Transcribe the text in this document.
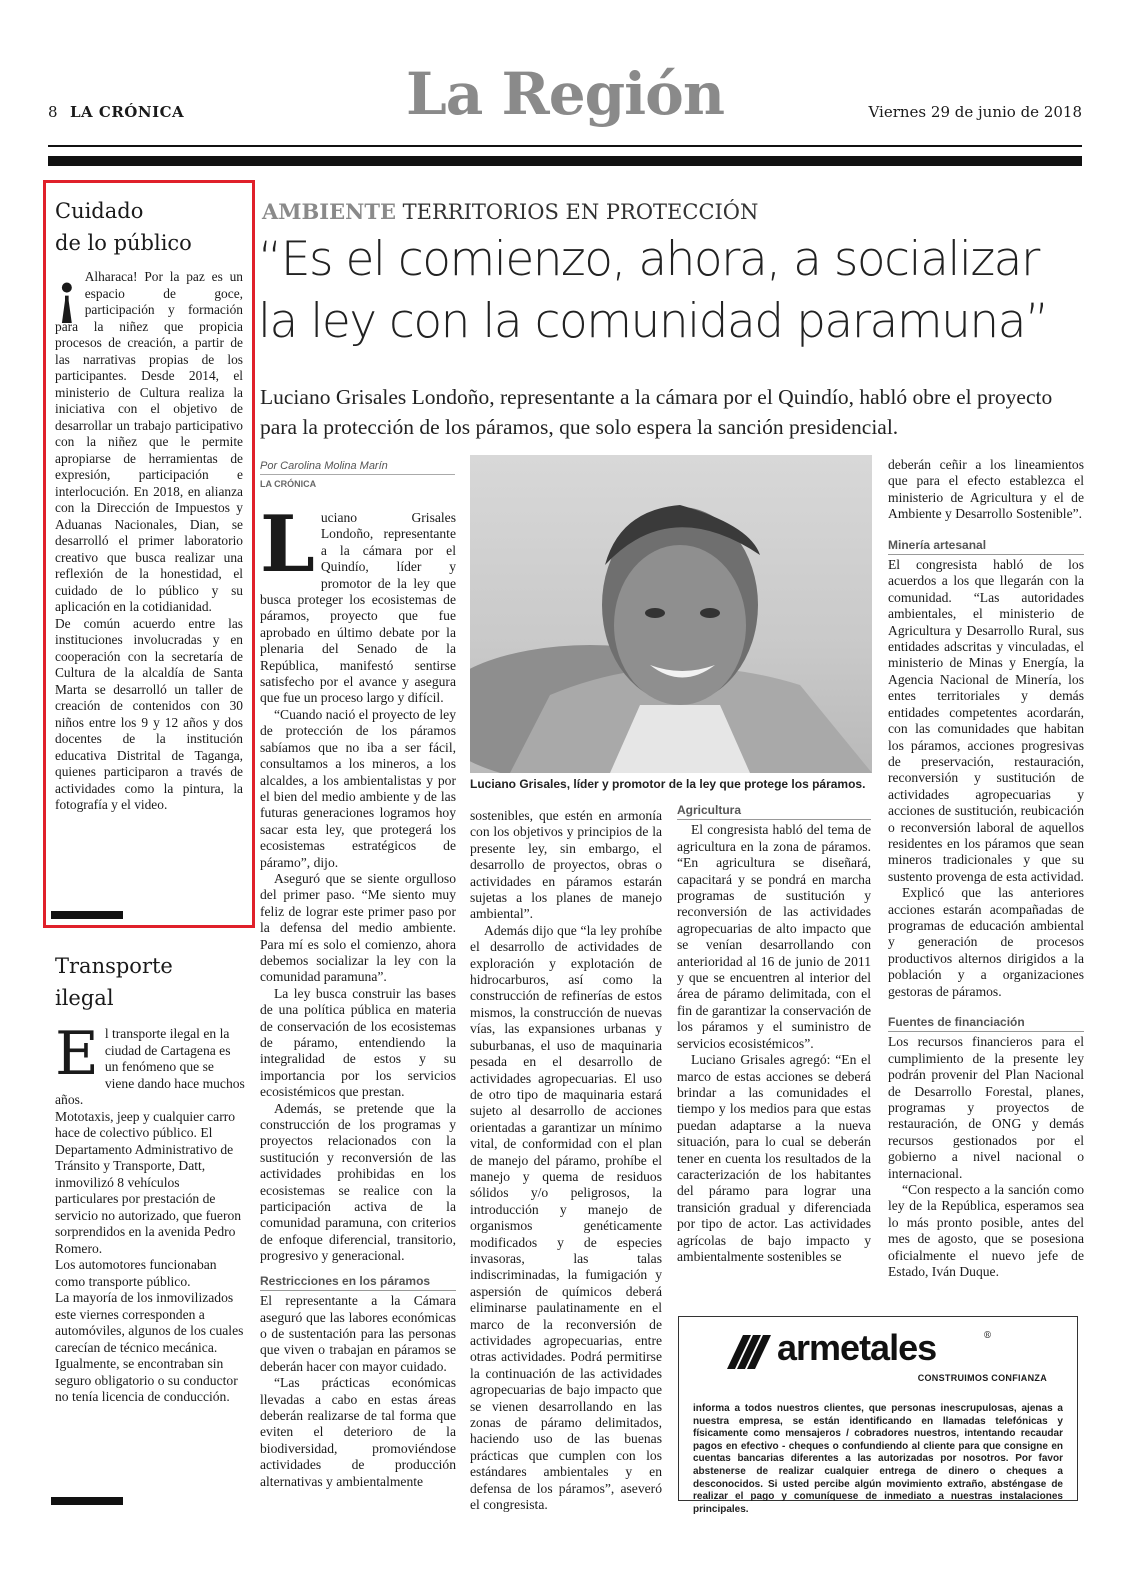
8 LA CRÓNICA	La Región	Viernes 29 de junio de 2018
Cuidado
de lo público
¡ Alharaca! Por la paz es un espacio de goce, participación y formación para la niñez que propicia procesos de creación, a partir de las narrativas propias de los participantes. Desde 2014, el ministerio de Cultura realiza la iniciativa con el objetivo de desarrollar un trabajo participativo con la niñez que le permite apropiarse de herramientas de expresión, participación e interlocución. En 2018, en alianza con la Dirección de Impuestos y Aduanas Nacionales, Dian, se desarrolló el primer laboratorio creativo que busca realizar una reflexión de la honestidad, el cuidado de lo público y su aplicación en la cotidianidad.

De común acuerdo entre las instituciones involucradas y en cooperación con la secretaría de Cultura de la alcaldía de Santa Marta se desarrolló un taller de creación de contenidos con 30 niños entre los 9 y 12 años y dos docentes de la institución educativa Distrital de Taganga, quienes participaron a través de actividades como la pintura, la fotografía y el video.

Transporte
ilegal
E l transporte ilegal en la ciudad de Cartagena es un fenómeno que se viene dando hace muchos años.

Mototaxis, jeep y cualquier carro hace de colectivo público. El Departamento Administrativo de Tránsito y Transporte, Datt, inmovilizó 8 vehículos particulares por prestación de servicio no autorizado, que fueron sorprendidos en la avenida Pedro Romero.

Los automotores funcionaban como transporte público.

La mayoría de los inmovilizados este viernes corresponden a automóviles, algunos de los cuales carecían de técnico mecánica. Igualmente, se encontraban sin seguro obligatorio o su conductor no tenía licencia de conducción.

AMBIENTE TERRITORIOS EN PROTECCIÓN
“Es el comienzo, ahora, a socializar
la ley con la comunidad paramuna”
Luciano Grisales Londoño, representante a la cámara por el Quindío, habló obre el proyecto para la protección de los páramos, que solo espera la sanción presidencial.
Por Carolina Molina Marín
LA CRÓNICA
Luciano Grisales, líder y promotor de la ley que protege los páramos.
L uciano Grisales Londoño, representante a la cámara por el Quindío, líder y promotor de la ley que busca proteger los ecosistemas de páramos, proyecto que fue aprobado en último debate por la plenaria del Senado de la República, manifestó sentirse satisfecho por el avance y asegura que fue un proceso largo y difícil.

“Cuando nació el proyecto de ley de protección de los páramos sabíamos que no iba a ser fácil, consultamos a los mineros, a los alcaldes, a los ambientalistas y por el bien del medio ambiente y de las futuras generaciones logramos hoy sacar esta ley, que protegerá los ecosistemas estratégicos de páramo”, dijo.

Aseguró que se siente orgulloso del primer paso. “Me siento muy feliz de lograr este primer paso por la defensa del medio ambiente. Para mí es solo el comienzo, ahora debemos socializar la ley con la comunidad paramuna”.

La ley busca construir las bases de una política pública en materia de conservación de los ecosistemas de páramo, entendiendo la integralidad de estos y su importancia por los servicios ecosistémicos que prestan.

Además, se pretende que la construcción de los programas y proyectos relacionados con la sustitución y reconversión de las actividades prohibidas en los ecosistemas se realice con la participación activa de la comunidad paramuna, con criterios de enfoque diferencial, transitorio, progresivo y generacional.

Restricciones en los páramos

El representante a la Cámara aseguró que las labores económicas o de sustentación para las personas que viven o trabajan en páramos se deberán hacer con mayor cuidado.

“Las prácticas económicas llevadas a cabo en estas áreas deberán realizarse de tal forma que eviten el deterioro de la biodiversidad, promoviéndose actividades de producción alternativas y ambientalmente

sostenibles, que estén en armonía con los objetivos y principios de la presente ley, sin embargo, el desarrollo de proyectos, obras o actividades en páramos estarán sujetas a los planes de manejo ambiental”.

Además dijo que “la ley prohíbe el desarrollo de actividades de exploración y explotación de hidrocarburos, así como la construcción de refinerías de estos mismos, la construcción de nuevas vías, las expansiones urbanas y suburbanas, el uso de maquinaria pesada en el desarrollo de actividades agropecuarias. El uso de otro tipo de maquinaria estará sujeto al desarrollo de acciones orientadas a garantizar un mínimo vital, de conformidad con el plan de manejo del páramo, prohíbe el manejo y quema de residuos sólidos y/o peligrosos, la introducción y manejo de organismos genéticamente modificados y de especies invasoras, las talas indiscriminadas, la fumigación y aspersión de químicos deberá eliminarse paulatinamente en el marco de la reconversión de actividades agropecuarias, entre otras actividades. Podrá permitirse la continuación de las actividades agropecuarias de bajo impacto que se vienen desarrollando en las zonas de páramo delimitados, haciendo uso de las buenas prácticas que cumplen con los estándares ambientales y en defensa de los páramos”, aseveró el congresista.

Agricultura

El congresista habló del tema de agricultura en la zona de páramos. “En agricultura se diseñará, capacitará y se pondrá en marcha programas de sustitución y reconversión de las actividades agropecuarias de alto impacto que se venían desarrollando con anterioridad al 16 de junio de 2011 y que se encuentren al interior del área de páramo delimitada, con el fin de garantizar la conservación de los páramos y el suministro de servicios ecosistémicos”.

Luciano Grisales agregó: “En el marco de estas acciones se deberá brindar a las comunidades el tiempo y los medios para que estas puedan adaptarse a la nueva situación, para lo cual se deberán tener en cuenta los resultados de la caracterización de los habitantes del páramo para lograr una transición gradual y diferenciada por tipo de actor. Las actividades agrícolas de bajo impacto y ambientalmente sostenibles se

deberán ceñir a los lineamientos que para el efecto establezca el ministerio de Agricultura y el de Ambiente y Desarrollo Sostenible”.

Minería artesanal

El congresista habló de los acuerdos a los que llegarán con la comunidad. “Las autoridades ambientales, el ministerio de Agricultura y Desarrollo Rural, sus entidades adscritas y vinculadas, el ministerio de Minas y Energía, la Agencia Nacional de Minería, los entes territoriales y demás entidades competentes acordarán, con las comunidades que habitan los páramos, acciones progresivas de preservación, restauración, reconversión y sustitución de actividades agropecuarias y acciones de sustitución, reubicación o reconversión laboral de aquellos residentes en los páramos que sean mineros tradicionales y que su sustento provenga de esta actividad.

Explicó que las anteriores acciones estarán acompañadas de programas de educación ambiental y generación de procesos productivos alternos dirigidos a la población y a organizaciones gestoras de páramos.

Fuentes de financiación

Los recursos financieros para el cumplimiento de la presente ley podrán provenir del Plan Nacional de Desarrollo Forestal, planes, programas y proyectos de restauración, de ONG y demás recursos gestionados por el gobierno a nivel nacional o internacional.

“Con respecto a la sanción como ley de la República, esperamos sea lo más pronto posible, antes del mes de agosto, que se posesiona oficialmente el nuevo jefe de Estado, Iván Duque.

armetales	®
CONSTRUIMOS CONFIANZA
informa a todos nuestros clientes, que personas inescrupulosas, ajenas a nuestra empresa, se están identificando en llamadas telefónicas y físicamente como mensajeros / cobradores nuestros, intentando recaudar pagos en efectivo - cheques o confundiendo al cliente para que consigne en cuentas bancarias diferentes a las autorizadas por nosotros. Por favor abstenerse de realizar cualquier entrega de dinero o cheques a desconocidos. Si usted percibe algún movimiento extraño, absténgase de realizar el pago y comuníquese de inmediato a nuestras instalaciones principales.
